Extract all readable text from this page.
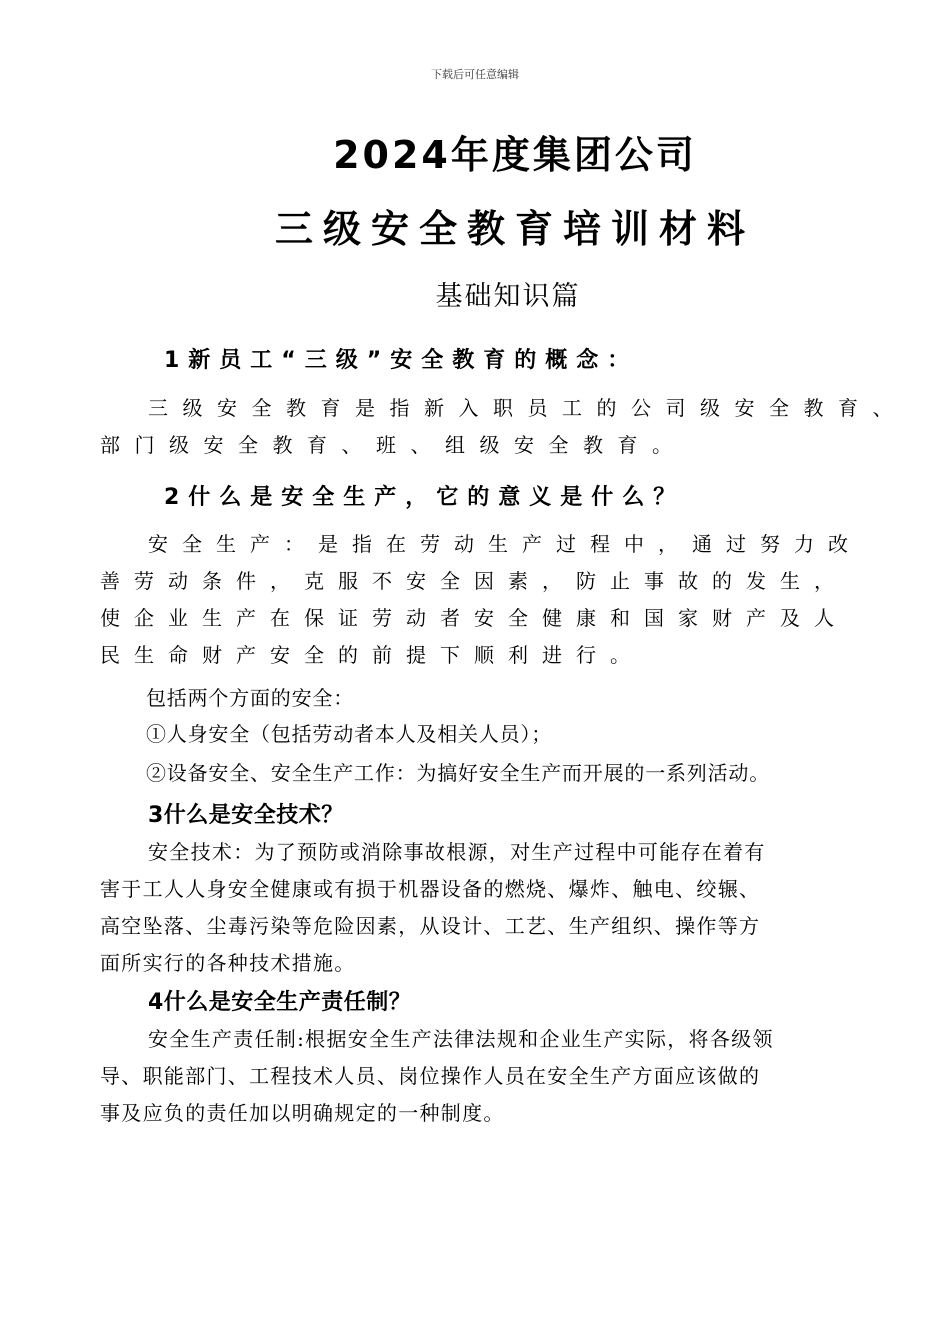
下载后可任意编辑
2024年度集团公司
三级安全教育培训材料
基础知识篇
1新员工“三级”安全教育的概念：
三级安全教育是指新入职员工的公司级安全教育、
部门级安全教育、班、组级安全教育。
2什么是安全生产，它的意义是什么？
安全生产：是指在劳动生产过程中，通过努力改
善劳动条件，克服不安全因素，防止事故的发生，
使企业生产在保证劳动者安全健康和国家财产及人
民生命财产安全的前提下顺利进行。
包括两个方面的安全：
①人身安全（包括劳动者本人及相关人员）；
②设备安全、安全生产工作：为搞好安全生产而开展的一系列活动。
3什么是安全技术？
安全技术：为了预防或消除事故根源，对生产过程中可能存在着有
害于工人人身安全健康或有损于机器设备的燃烧、爆炸、触电、绞辗、
高空坠落、尘毒污染等危险因素，从设计、工艺、生产组织、操作等方
面所实行的各种技术措施。
4什么是安全生产责任制？
安全生产责任制:根据安全生产法律法规和企业生产实际，将各级领
导、职能部门、工程技术人员、岗位操作人员在安全生产方面应该做的
事及应负的责任加以明确规定的一种制度。
